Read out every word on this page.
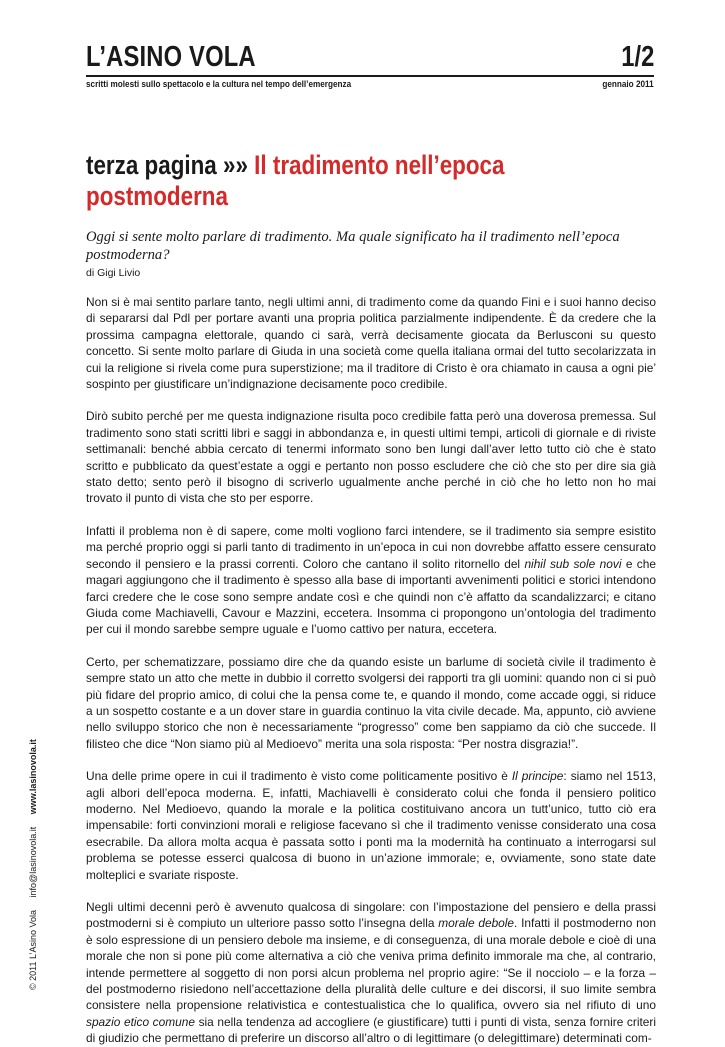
L’ASINO VOLA	1/2
scritti molesti sullo spettacolo e la cultura nel tempo dell’emergenza	gennaio 2011
terza pagina »» Il tradimento nell’epoca
postmoderna
Oggi si sente molto parlare di tradimento. Ma quale significato ha il tradimento nell’epoca postmoderna?
di Gigi Livio

Non si è mai sentito parlare tanto, negli ultimi anni, di tradimento come da quando Fini e i suoi hanno deciso di separarsi dal Pdl per portare avanti una propria politica parzialmente indipendente. È da credere che la prossima campagna elettorale, quando ci sarà, verrà decisamente giocata da Berlusconi su questo concetto. Si sente molto parlare di Giuda in una società come quella italiana ormai del tutto secolarizzata in cui la religione si rivela come pura superstizione; ma il traditore di Cristo è ora chiamato in causa a ogni pie’ sospinto per giustificare un’indignazione decisamente poco credibile.

Dirò subito perché per me questa indignazione risulta poco credibile fatta però una doverosa premessa. Sul tradimento sono stati scritti libri e saggi in abbondanza e, in questi ultimi tempi, articoli di giornale e di riviste settimanali: benché abbia cercato di tenermi informato sono ben lungi dall’aver letto tutto ciò che è stato scritto e pubblicato da quest’estate a oggi e pertanto non posso escludere che ciò che sto per dire sia già stato detto; sento però il bisogno di scriverlo ugualmente anche perché in ciò che ho letto non ho mai trovato il punto di vista che sto per esporre.

Infatti il problema non è di sapere, come molti vogliono farci intendere, se il tradimento sia sempre esistito ma perché proprio oggi si parli tanto di tradimento in un’epoca in cui non dovrebbe affatto essere censurato secondo il pensiero e la prassi correnti. Coloro che cantano il solito ritornello del nihil sub sole novi e che magari aggiungono che il tradimento è spesso alla base di importanti avvenimenti politici e storici intendono farci credere che le cose sono sempre andate così e che quindi non c’è affatto da scandalizzarci; e citano Giuda come Machiavelli, Cavour e Mazzini, eccetera. Insomma ci propongono un’ontologia del tradimento per cui il mondo sarebbe sempre uguale e l’uomo cattivo per natura, eccetera.

Certo, per schematizzare, possiamo dire che da quando esiste un barlume di società civile il tradimento è sempre stato un atto che mette in dubbio il corretto svolgersi dei rapporti tra gli uomini: quando non ci si può più fidare del proprio amico, di colui che la pensa come te, e quando il mondo, come accade oggi, si riduce a un sospetto costante e a un dover stare in guardia continuo la vita civile decade. Ma, appunto, ciò avviene nello sviluppo storico che non è necessariamente “progresso” come ben sappiamo da ciò che succede. Il filisteo che dice “Non siamo più al Medioevo” merita una sola risposta: “Per nostra disgrazia!”.

Una delle prime opere in cui il tradimento è visto come politicamente positivo è Il principe: siamo nel 1513, agli albori dell’epoca moderna. E, infatti, Machiavelli è considerato colui che fonda il pensiero politico moderno. Nel Medioevo, quando la morale e la politica costituivano ancora un tutt’unico, tutto ciò era impensabile: forti convinzioni morali e religiose facevano sì che il tradimento venisse considerato una cosa esecrabile. Da allora molta acqua è passata sotto i ponti ma la modernità ha continuato a interrogarsi sul problema se potesse esserci qualcosa di buono in un’azione immorale; e, ovviamente, sono state date molteplici e svariate risposte.

Negli ultimi decenni però è avvenuto qualcosa di singolare: con l’impostazione del pensiero e della prassi postmoderni si è compiuto un ulteriore passo sotto l’insegna della morale debole. Infatti il postmoderno non è solo espressione di un pensiero debole ma insieme, e di conseguenza, di una morale debole e cioè di una morale che non si pone più come alternativa a ciò che veniva prima definito immorale ma che, al contrario, intende permettere al soggetto di non porsi alcun problema nel proprio agire: “Se il nocciolo – e la forza – del postmoderno risiedono nell’accettazione della pluralità delle culture e dei discorsi, il suo limite sembra consistere nella propensione relativistica e contestualistica che lo qualifica, ovvero sia nel rifiuto di uno spazio etico comune sia nella tendenza ad accogliere (e giustificare) tutti i punti di vista, senza fornire criteri di giudizio che permettano di preferire un discorso all’altro o di legittimare (o delegittimare) determinati com-

© 2011 L’Asino Vola info@lasinovola.it www.lasinovola.it
